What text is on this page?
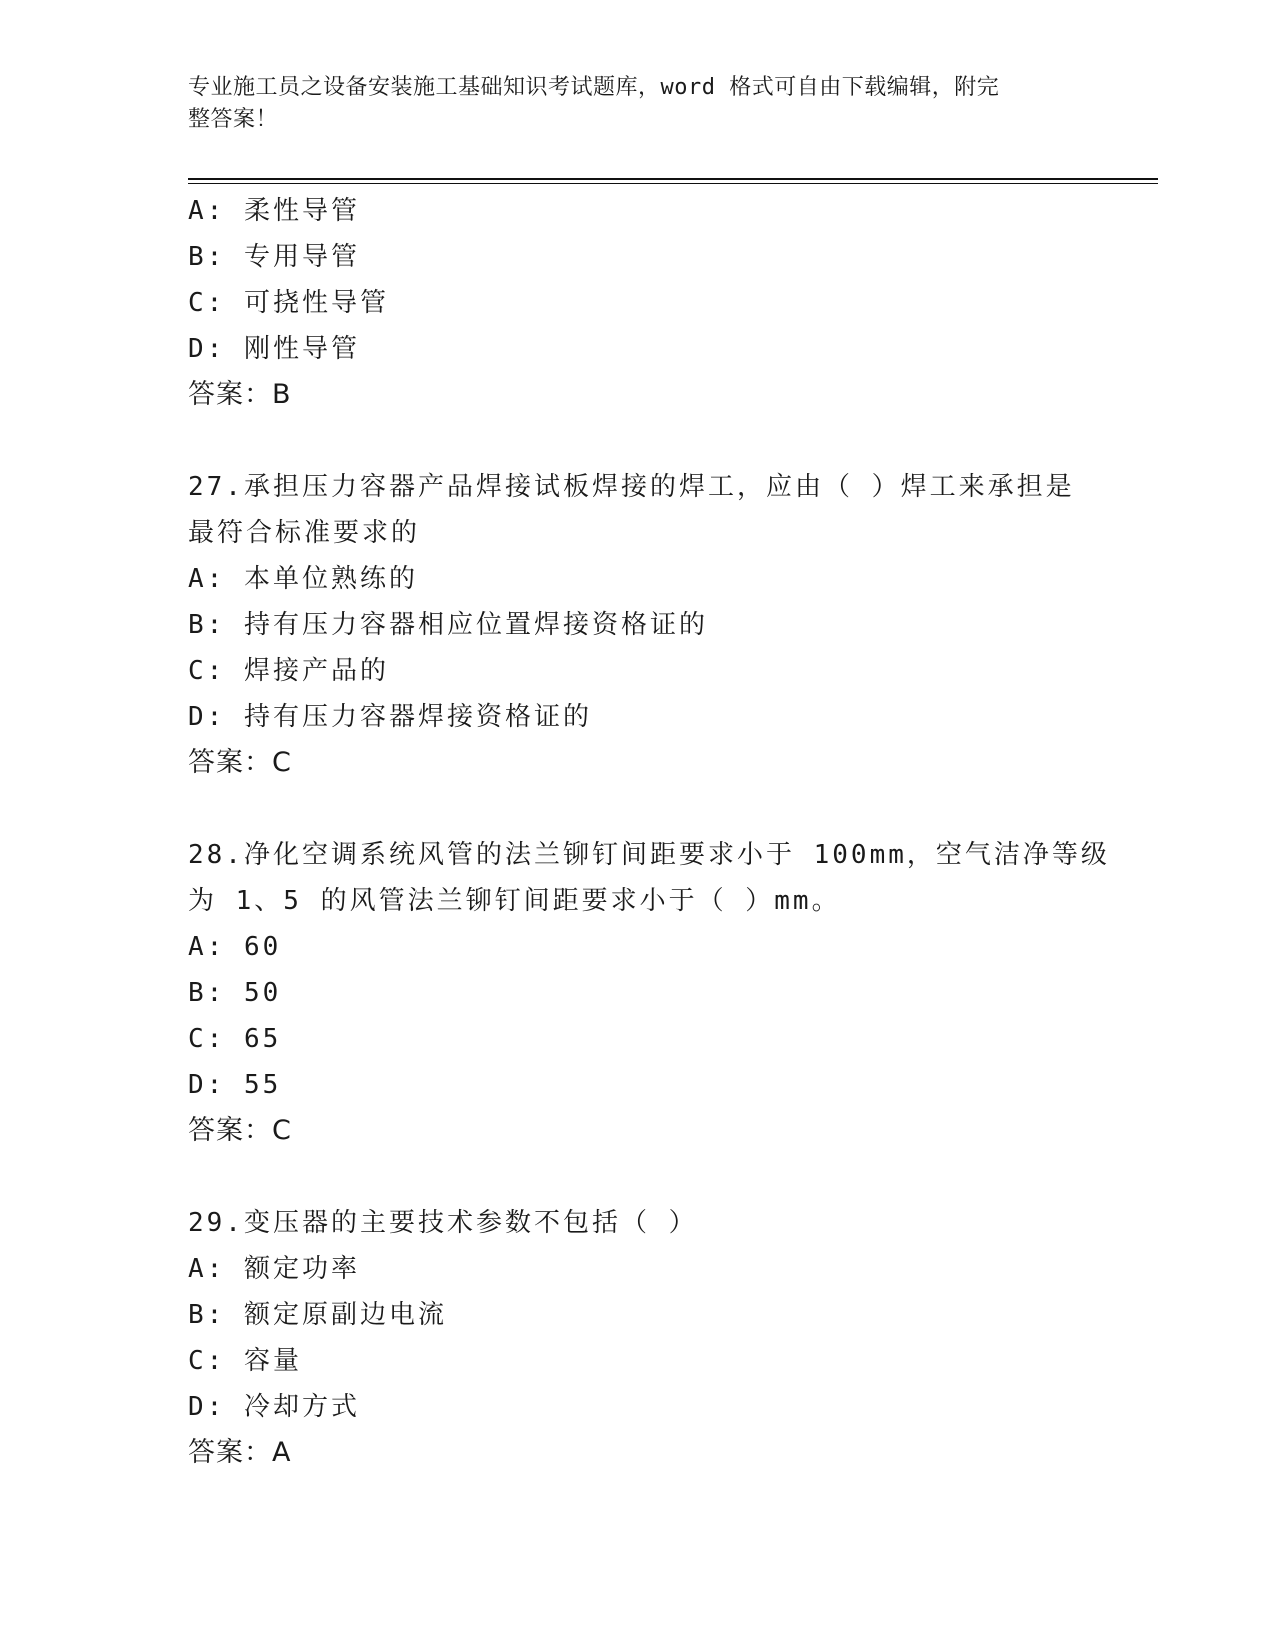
专业施工员之设备安装施工基础知识考试题库，word 格式可自由下载编辑，附完
整答案！
A: 柔性导管
B: 专用导管
C: 可挠性导管
D: 刚性导管
答案：B
27.承担压力容器产品焊接试板焊接的焊工，应由（ ）焊工来承担是
最符合标准要求的
A: 本单位熟练的
B: 持有压力容器相应位置焊接资格证的
C: 焊接产品的
D: 持有压力容器焊接资格证的
答案：C
28.净化空调系统风管的法兰铆钉间距要求小于 100mm，空气洁净等级
为 1、5 的风管法兰铆钉间距要求小于（ ）mm。
A: 60
B: 50
C: 65
D: 55
答案：C
29.变压器的主要技术参数不包括（ ）
A: 额定功率
B: 额定原副边电流
C: 容量
D: 冷却方式
答案：A
